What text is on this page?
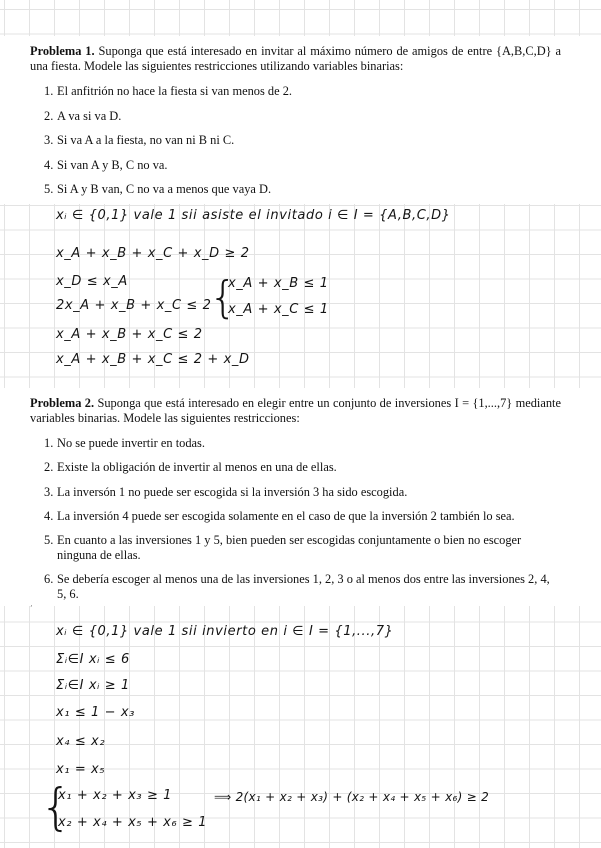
Problema 1. Suponga que está interesado en invitar al máximo número de amigos de entre {A,B,C,D} a una fiesta. Modele las siguientes restricciones utilizando variables binarias:

1. El anfitrión no hace la fiesta si van menos de 2.
2. A va si va D.
3. Si va A a la fiesta, no van ni B ni C.
4. Si van A y B, C no va.
5. Si A y B van, C no va a menos que vaya D.
xᵢ ∈ {0,1} vale 1 sii asiste el invitado i ∈ I = {A,B,C,D}
x_A + x_B + x_C + x_D ≥ 2
x_D ≤ x_A
2x_A + x_B + x_C ≤ 2
{
x_A + x_B ≤ 1
x_A + x_C ≤ 1
x_A + x_B + x_C ≤ 2
x_A + x_B + x_C ≤ 2 + x_D

Problema 2. Suponga que está interesado en elegir entre un conjunto de inversiones I = {1,...,7} mediante variables binarias. Modele las siguientes restricciones:

1. No se puede invertir en todas.
2. Existe la obligación de invertir al menos en una de ellas.
3. La inversón 1 no puede ser escogida si la inversión 3 ha sido escogida.
4. La inversión 4 puede ser escogida solamente en el caso de que la inversión 2 también lo sea.
5. En cuanto a las inversiones 1 y 5, bien pueden ser escogidas conjuntamente o bien no escoger ninguna de ellas.
6. Se debería escoger al menos una de las inversiones 1, 2, 3 o al menos dos entre las inversiones 2, 4, 5, 6.
’
xᵢ ∈ {0,1} vale 1 sii invierto en i ∈ I = {1,...,7}
Σᵢ∈I xᵢ ≤ 6
Σᵢ∈I xᵢ ≥ 1
x₁ ≤ 1 − x₃
x₄ ≤ x₂
x₁ = x₅
{
x₁ + x₂ + x₃ ≥ 1
x₂ + x₄ + x₅ + x₆ ≥ 1
⟹ 2(x₁ + x₂ + x₃) + (x₂ + x₄ + x₅ + x₆) ≥ 2
